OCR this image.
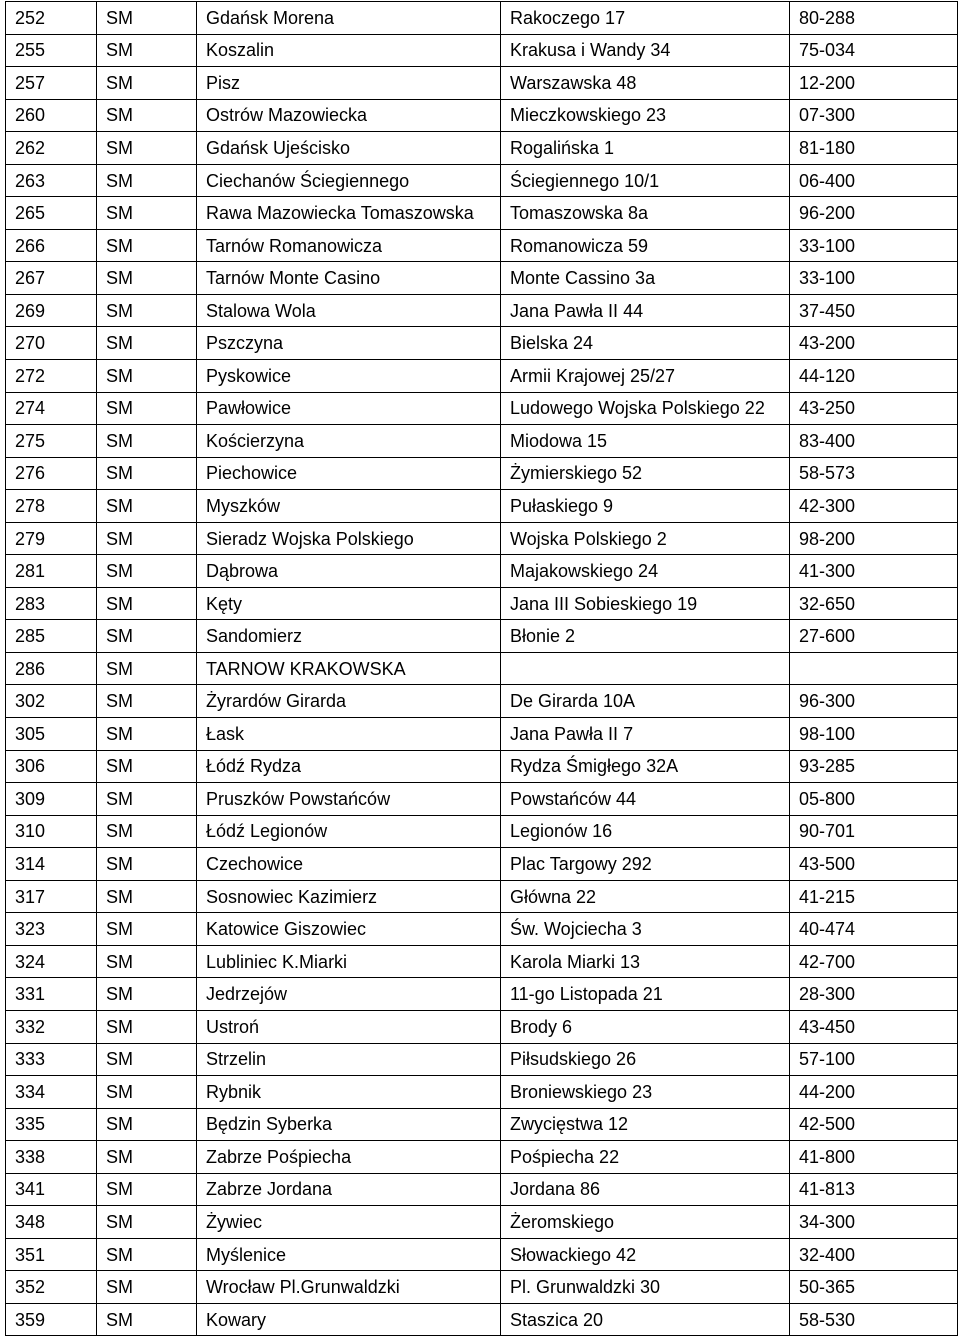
252	SM	Gdańsk Morena	Rakoczego 17	80-288
255	SM	Koszalin	Krakusa i Wandy 34	75-034
257	SM	Pisz	Warszawska 48	12-200
260	SM	Ostrów Mazowiecka	Mieczkowskiego 23	07-300
262	SM	Gdańsk Ujeścisko	Rogalińska 1	81-180
263	SM	Ciechanów Ściegiennego	Ściegiennego 10/1	06-400
265	SM	Rawa Mazowiecka Tomaszowska	Tomaszowska 8a	96-200
266	SM	Tarnów Romanowicza	Romanowicza 59	33-100
267	SM	Tarnów Monte Casino	Monte Cassino 3a	33-100
269	SM	Stalowa Wola	Jana Pawła II 44	37-450
270	SM	Pszczyna	Bielska 24	43-200
272	SM	Pyskowice	Armii Krajowej 25/27	44-120
274	SM	Pawłowice	Ludowego Wojska Polskiego 22	43-250
275	SM	Kościerzyna	Miodowa 15	83-400
276	SM	Piechowice	Żymierskiego 52	58-573
278	SM	Myszków	Pułaskiego 9	42-300
279	SM	Sieradz Wojska Polskiego	Wojska Polskiego 2	98-200
281	SM	Dąbrowa	Majakowskiego 24	41-300
283	SM	Kęty	Jana III Sobieskiego 19	32-650
285	SM	Sandomierz	Błonie 2	27-600
286	SM	TARNOW KRAKOWSKA		
302	SM	Żyrardów Girarda	De Girarda 10A	96-300
305	SM	Łask	Jana Pawła II 7	98-100
306	SM	Łódź Rydza	Rydza Śmigłego 32A	93-285
309	SM	Pruszków Powstańców	Powstańców 44	05-800
310	SM	Łódź Legionów	Legionów 16	90-701
314	SM	Czechowice	Plac Targowy 292	43-500
317	SM	Sosnowiec Kazimierz	Główna 22	41-215
323	SM	Katowice Giszowiec	Św. Wojciecha 3	40-474
324	SM	Lubliniec K.Miarki	Karola Miarki 13	42-700
331	SM	Jedrzejów	11-go Listopada 21	28-300
332	SM	Ustroń	Brody 6	43-450
333	SM	Strzelin	Piłsudskiego 26	57-100
334	SM	Rybnik	Broniewskiego 23	44-200
335	SM	Będzin Syberka	Zwycięstwa 12	42-500
338	SM	Zabrze Pośpiecha	Pośpiecha 22	41-800
341	SM	Zabrze Jordana	Jordana 86	41-813
348	SM	Żywiec	Żeromskiego	34-300
351	SM	Myślenice	Słowackiego 42	32-400
352	SM	Wrocław Pl.Grunwaldzki	Pl. Grunwaldzki 30	50-365
359	SM	Kowary	Staszica 20	58-530
